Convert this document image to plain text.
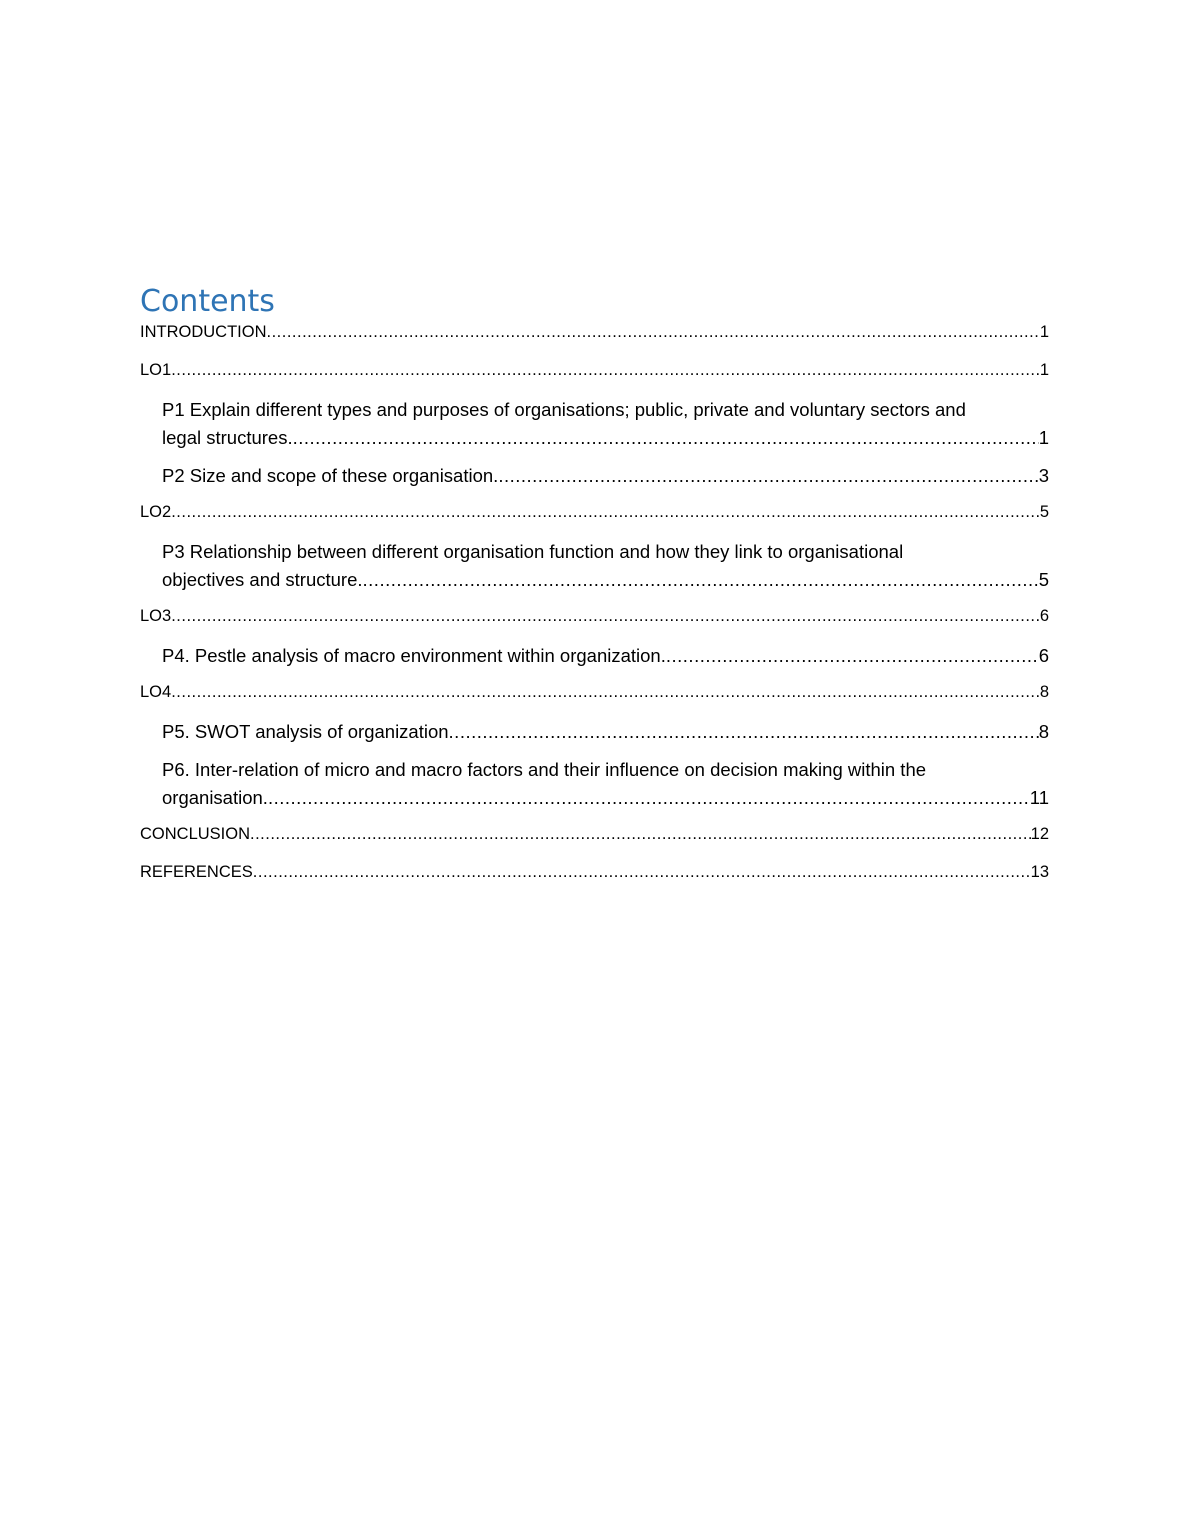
Contents
INTRODUCTION .....	1
LO1 .....	1
P1 Explain different types and purposes of organisations; public, private and voluntary sectors and
legal structures. .....	1
P2 Size and scope of these organisation. .....	3
LO2 .....	5
P3 Relationship between different organisation function and how they link to organisational
objectives and structure. .....	5
LO3 .....	6
P4. Pestle analysis of macro environment within organization. .....	6
LO4 .....	8
P5. SWOT analysis of organization .....	8
P6. Inter-relation of micro and macro factors and their influence on decision making within the
organisation. .....	11
CONCLUSION .....	12
REFERENCES .....	13
